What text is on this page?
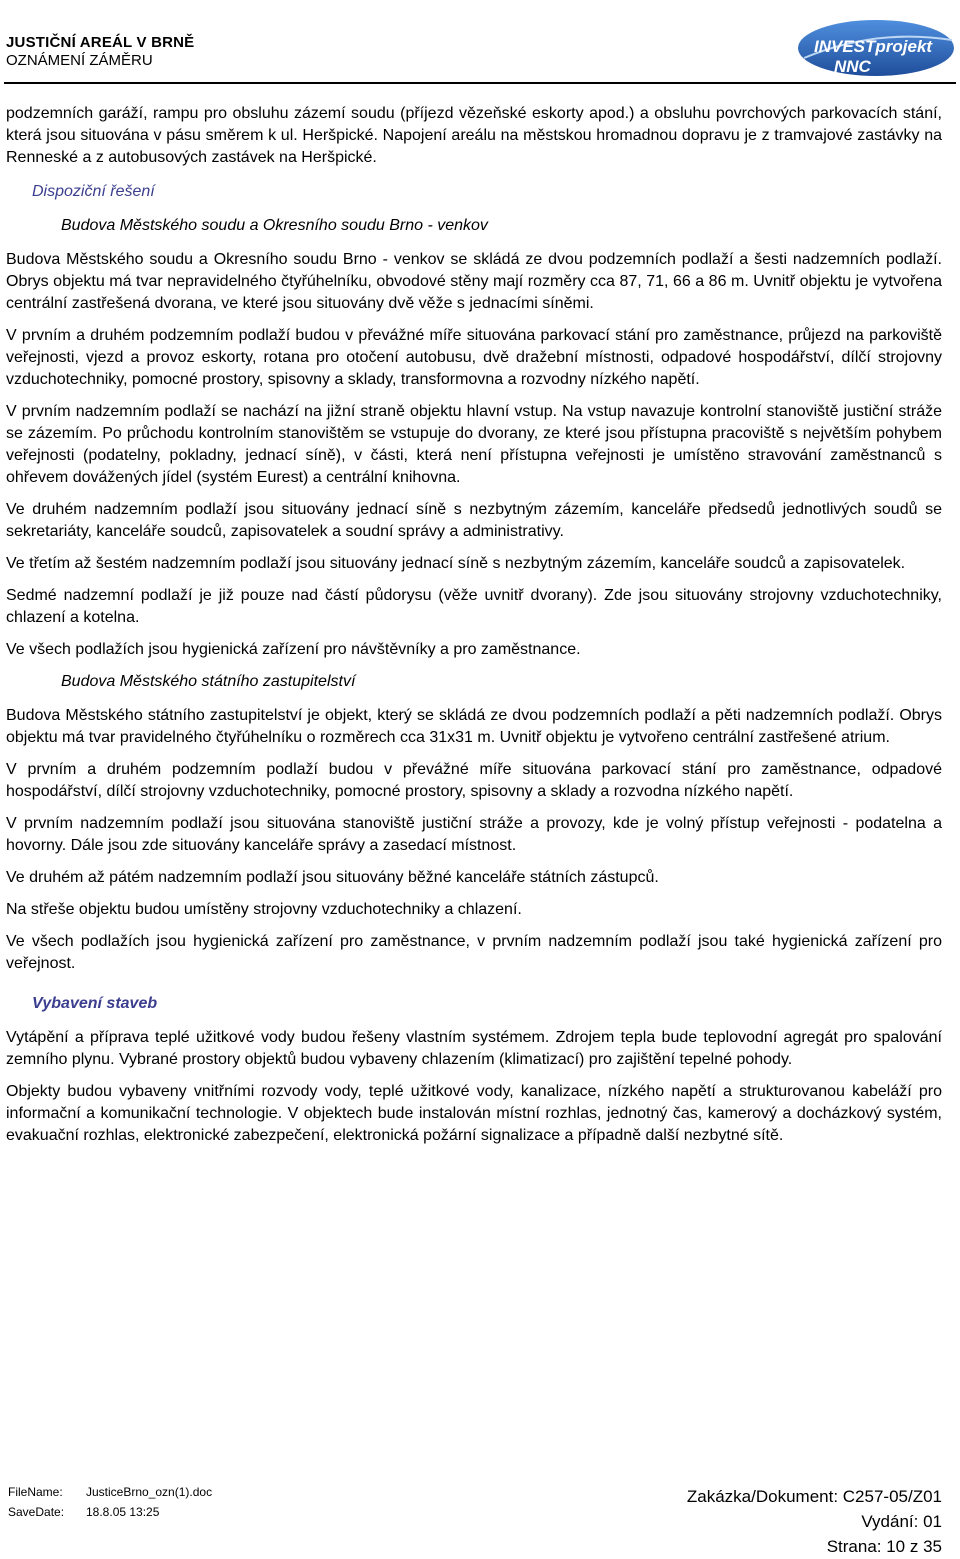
JUSTIČNÍ AREÁL V BRNĚ
OZNÁMENÍ ZÁMĚRU
INVESTprojekt
NNC

podzemních garáží, rampu pro obsluhu zázemí soudu (příjezd vězeňské eskorty apod.) a obsluhu povrchových parkovacích stání, která jsou situována v pásu směrem k ul. Heršpické. Napojení areálu na městskou hromadnou dopravu je z tramvajové zastávky na Renneské a z autobusových zastávek na Heršpické.

Dispoziční řešení
Budova Městského soudu a Okresního soudu Brno - venkov

Budova Městského soudu a Okresního soudu Brno - venkov se skládá ze dvou podzemních podlaží a šesti nadzemních podlaží. Obrys objektu má tvar nepravidelného čtyřúhelníku, obvodové stěny mají rozměry cca 87, 71, 66 a 86 m. Uvnitř objektu je vytvořena centrální zastřešená dvorana, ve které jsou situovány dvě věže s jednacími síněmi.

V prvním a druhém podzemním podlaží budou v převážné míře situována parkovací stání pro zaměstnance, průjezd na parkoviště veřejnosti, vjezd a provoz eskorty, rotana pro otočení autobusu, dvě dražební místnosti, odpadové hospodářství, dílčí strojovny vzduchotechniky, pomocné prostory, spisovny a sklady, transformovna a rozvodny nízkého napětí.

V prvním nadzemním podlaží se nachází na jižní straně objektu hlavní vstup. Na vstup navazuje kontrolní stanoviště justiční stráže se zázemím. Po průchodu kontrolním stanovištěm se vstupuje do dvorany, ze které jsou přístupna pracoviště s největším pohybem veřejnosti (podatelny, pokladny, jednací síně), v části, která není přístupna veřejnosti je umístěno stravování zaměstnanců s ohřevem dovážených jídel (systém Eurest) a centrální knihovna.

Ve druhém nadzemním podlaží jsou situovány jednací síně s nezbytným zázemím, kanceláře předsedů jednotlivých soudů se sekretariáty, kanceláře soudců, zapisovatelek a soudní správy a administrativy.

Ve třetím až šestém nadzemním podlaží jsou situovány jednací síně s nezbytným zázemím, kanceláře soudců a zapisovatelek.

Sedmé nadzemní podlaží je již pouze nad částí půdorysu (věže uvnitř dvorany). Zde jsou situovány strojovny vzduchotechniky, chlazení a kotelna.

Ve všech podlažích jsou hygienická zařízení pro návštěvníky a pro zaměstnance.

Budova Městského státního zastupitelství

Budova Městského státního zastupitelství je objekt, který se skládá ze dvou podzemních podlaží a pěti nadzemních podlaží. Obrys objektu má tvar pravidelného čtyřúhelníku o rozměrech cca 31x31 m. Uvnitř objektu je vytvořeno centrální zastřešené atrium.

V prvním a druhém podzemním podlaží budou v převážné míře situována parkovací stání pro zaměstnance, odpadové hospodářství, dílčí strojovny vzduchotechniky, pomocné prostory, spisovny a sklady a rozvodna nízkého napětí.

V prvním nadzemním podlaží jsou situována stanoviště justiční stráže a provozy, kde je volný přístup veřejnosti - podatelna a hovorny. Dále jsou zde situovány kanceláře správy a zasedací místnost.

Ve druhém až pátém nadzemním podlaží jsou situovány běžné kanceláře státních zástupců.

Na střeše objektu budou umístěny strojovny vzduchotechniky a chlazení.

Ve všech podlažích jsou hygienická zařízení pro zaměstnance, v prvním nadzemním podlaží jsou také hygienická zařízení pro veřejnost.

Vybavení staveb

Vytápění a příprava teplé užitkové vody budou řešeny vlastním systémem. Zdrojem tepla bude teplovodní agregát pro spalování zemního plynu. Vybrané prostory objektů budou vybaveny chlazením (klimatizací) pro zajištění tepelné pohody.

Objekty budou vybaveny vnitřními rozvody vody, teplé užitkové vody, kanalizace, nízkého napětí a strukturovanou kabeláží pro informační a komunikační technologie. V objektech bude instalován místní rozhlas, jednotný čas, kamerový a docházkový systém, evakuační rozhlas, elektronické zabezpečení, elektronická požární signalizace a případně další nezbytné sítě.

FileName: JusticeBrno_ozn(1).doc
SaveDate: 18.8.05 13:25
Zakázka/Dokument: C257-05/Z01
Vydání: 01
Strana: 10 z 35
